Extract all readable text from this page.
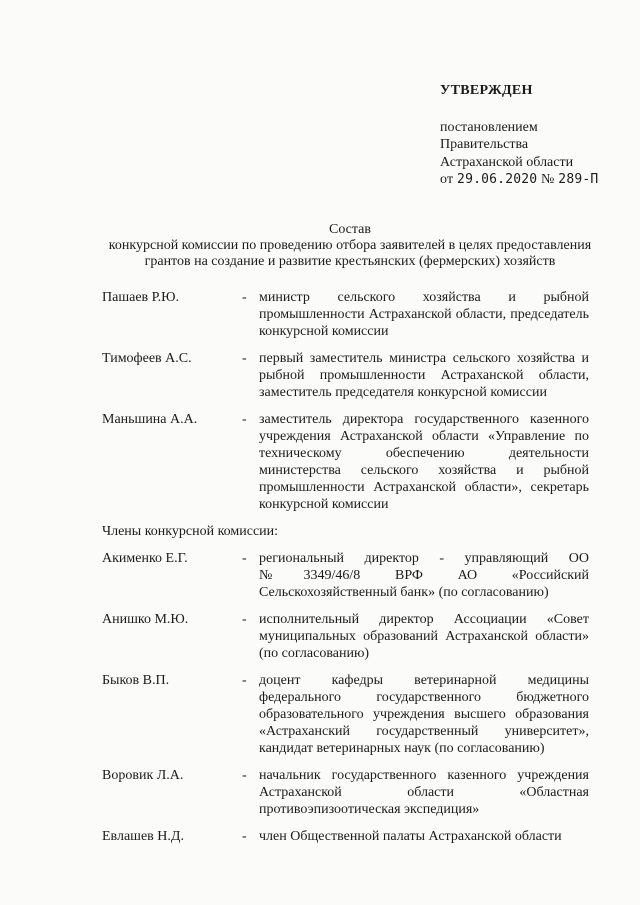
УТВЕРЖДЕН
постановлением
Правительства
Астраханской области
от 29.06.2020 № 289-П
Состав
конкурсной комиссии по проведению отбора заявителей в целях предоставления
грантов на создание и развитие крестьянских (фермерских) хозяйств
Пашаев Р.Ю.	- министр сельского хозяйства и рыбной промышленности Астраханской области, председатель конкурсной комиссии
Тимофеев А.С.	- первый заместитель министра сельского хозяйства и рыбной промышленности Астраханской области, заместитель председателя конкурсной комиссии
Маньшина А.А.	- заместитель директора государственного казенного учреждения Астраханской области «Управление по техническому обеспечению деятельности министерства сельского хозяйства и рыбной промышленности Астраханской области», секретарь конкурсной комиссии
Члены конкурсной комиссии:
Акименко Е.Г.	- региональный директор - управляющий ОО №3349/46/8 ВРФ АО «Российский Сельскохозяйственный банк» (по согласованию)
Анишко М.Ю.	- исполнительный директор Ассоциации «Совет муниципальных образований Астраханской области» (по согласованию)
Быков В.П.	- доцент кафедры ветеринарной медицины федерального государственного бюджетного образовательного учреждения высшего образования «Астраханский государственный университет», кандидат ветеринарных наук (по согласованию)
Воровик Л.А.	- начальник государственного казенного учреждения Астраханской области «Областная противоэпизоотическая экспедиция»
Евлашев Н.Д.	- член Общественной палаты Астраханской области
